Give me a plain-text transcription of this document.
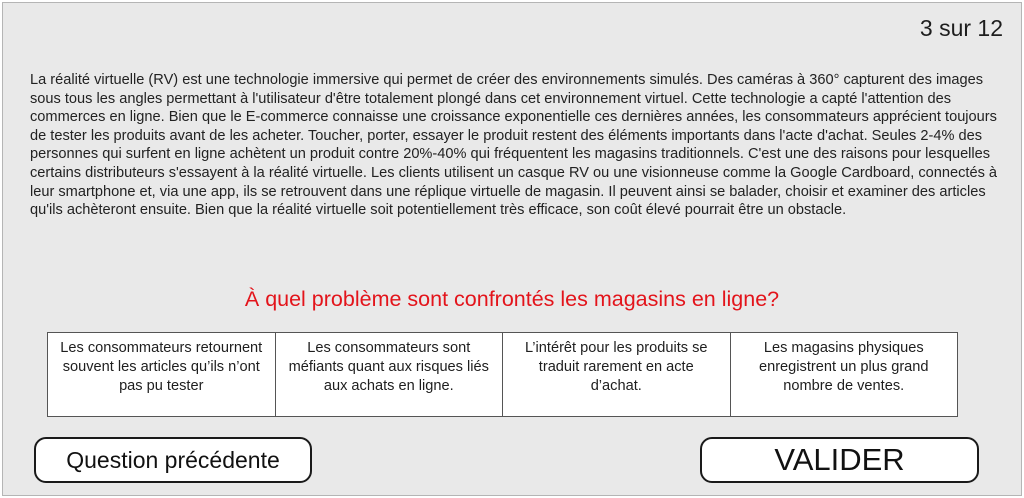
3 sur 12

La réalité virtuelle (RV) est une technologie immersive qui permet de créer des environnements simulés. Des caméras à 360° capturent des images sous tous les angles permettant à l'utilisateur d'être totalement plongé dans cet environnement virtuel. Cette technologie a capté l'attention des commerces en ligne. Bien que le E-commerce connaisse une croissance exponentielle ces dernières années, les consommateurs apprécient toujours de tester les produits avant de les acheter. Toucher, porter, essayer le produit restent des éléments importants dans l'acte d'achat. Seules 2-4% des personnes qui surfent en ligne achètent un produit contre 20%-40% qui fréquentent les magasins traditionnels. C'est une des raisons pour lesquelles certains distributeurs s'essayent à la réalité virtuelle. Les clients utilisent un casque RV ou une visionneuse comme la Google Cardboard, connectés à leur smartphone et, via une app, ils se retrouvent dans une réplique virtuelle de magasin. Il peuvent ainsi se balader, choisir et examiner des articles qu'ils achèteront ensuite. Bien que la réalité virtuelle soit potentiellement très efficace, son coût élevé pourrait être un obstacle.

À quel problème sont confrontés les magasins en ligne?
Les consommateurs retournent souvent les articles qu’ils n’ont pas pu tester
Les consommateurs sont méfiants quant aux risques liés aux achats en ligne.
L’intérêt pour les produits se traduit rarement en acte d’achat.
Les magasins physiques enregistrent un plus grand nombre de ventes.
Question précédente	VALIDER
